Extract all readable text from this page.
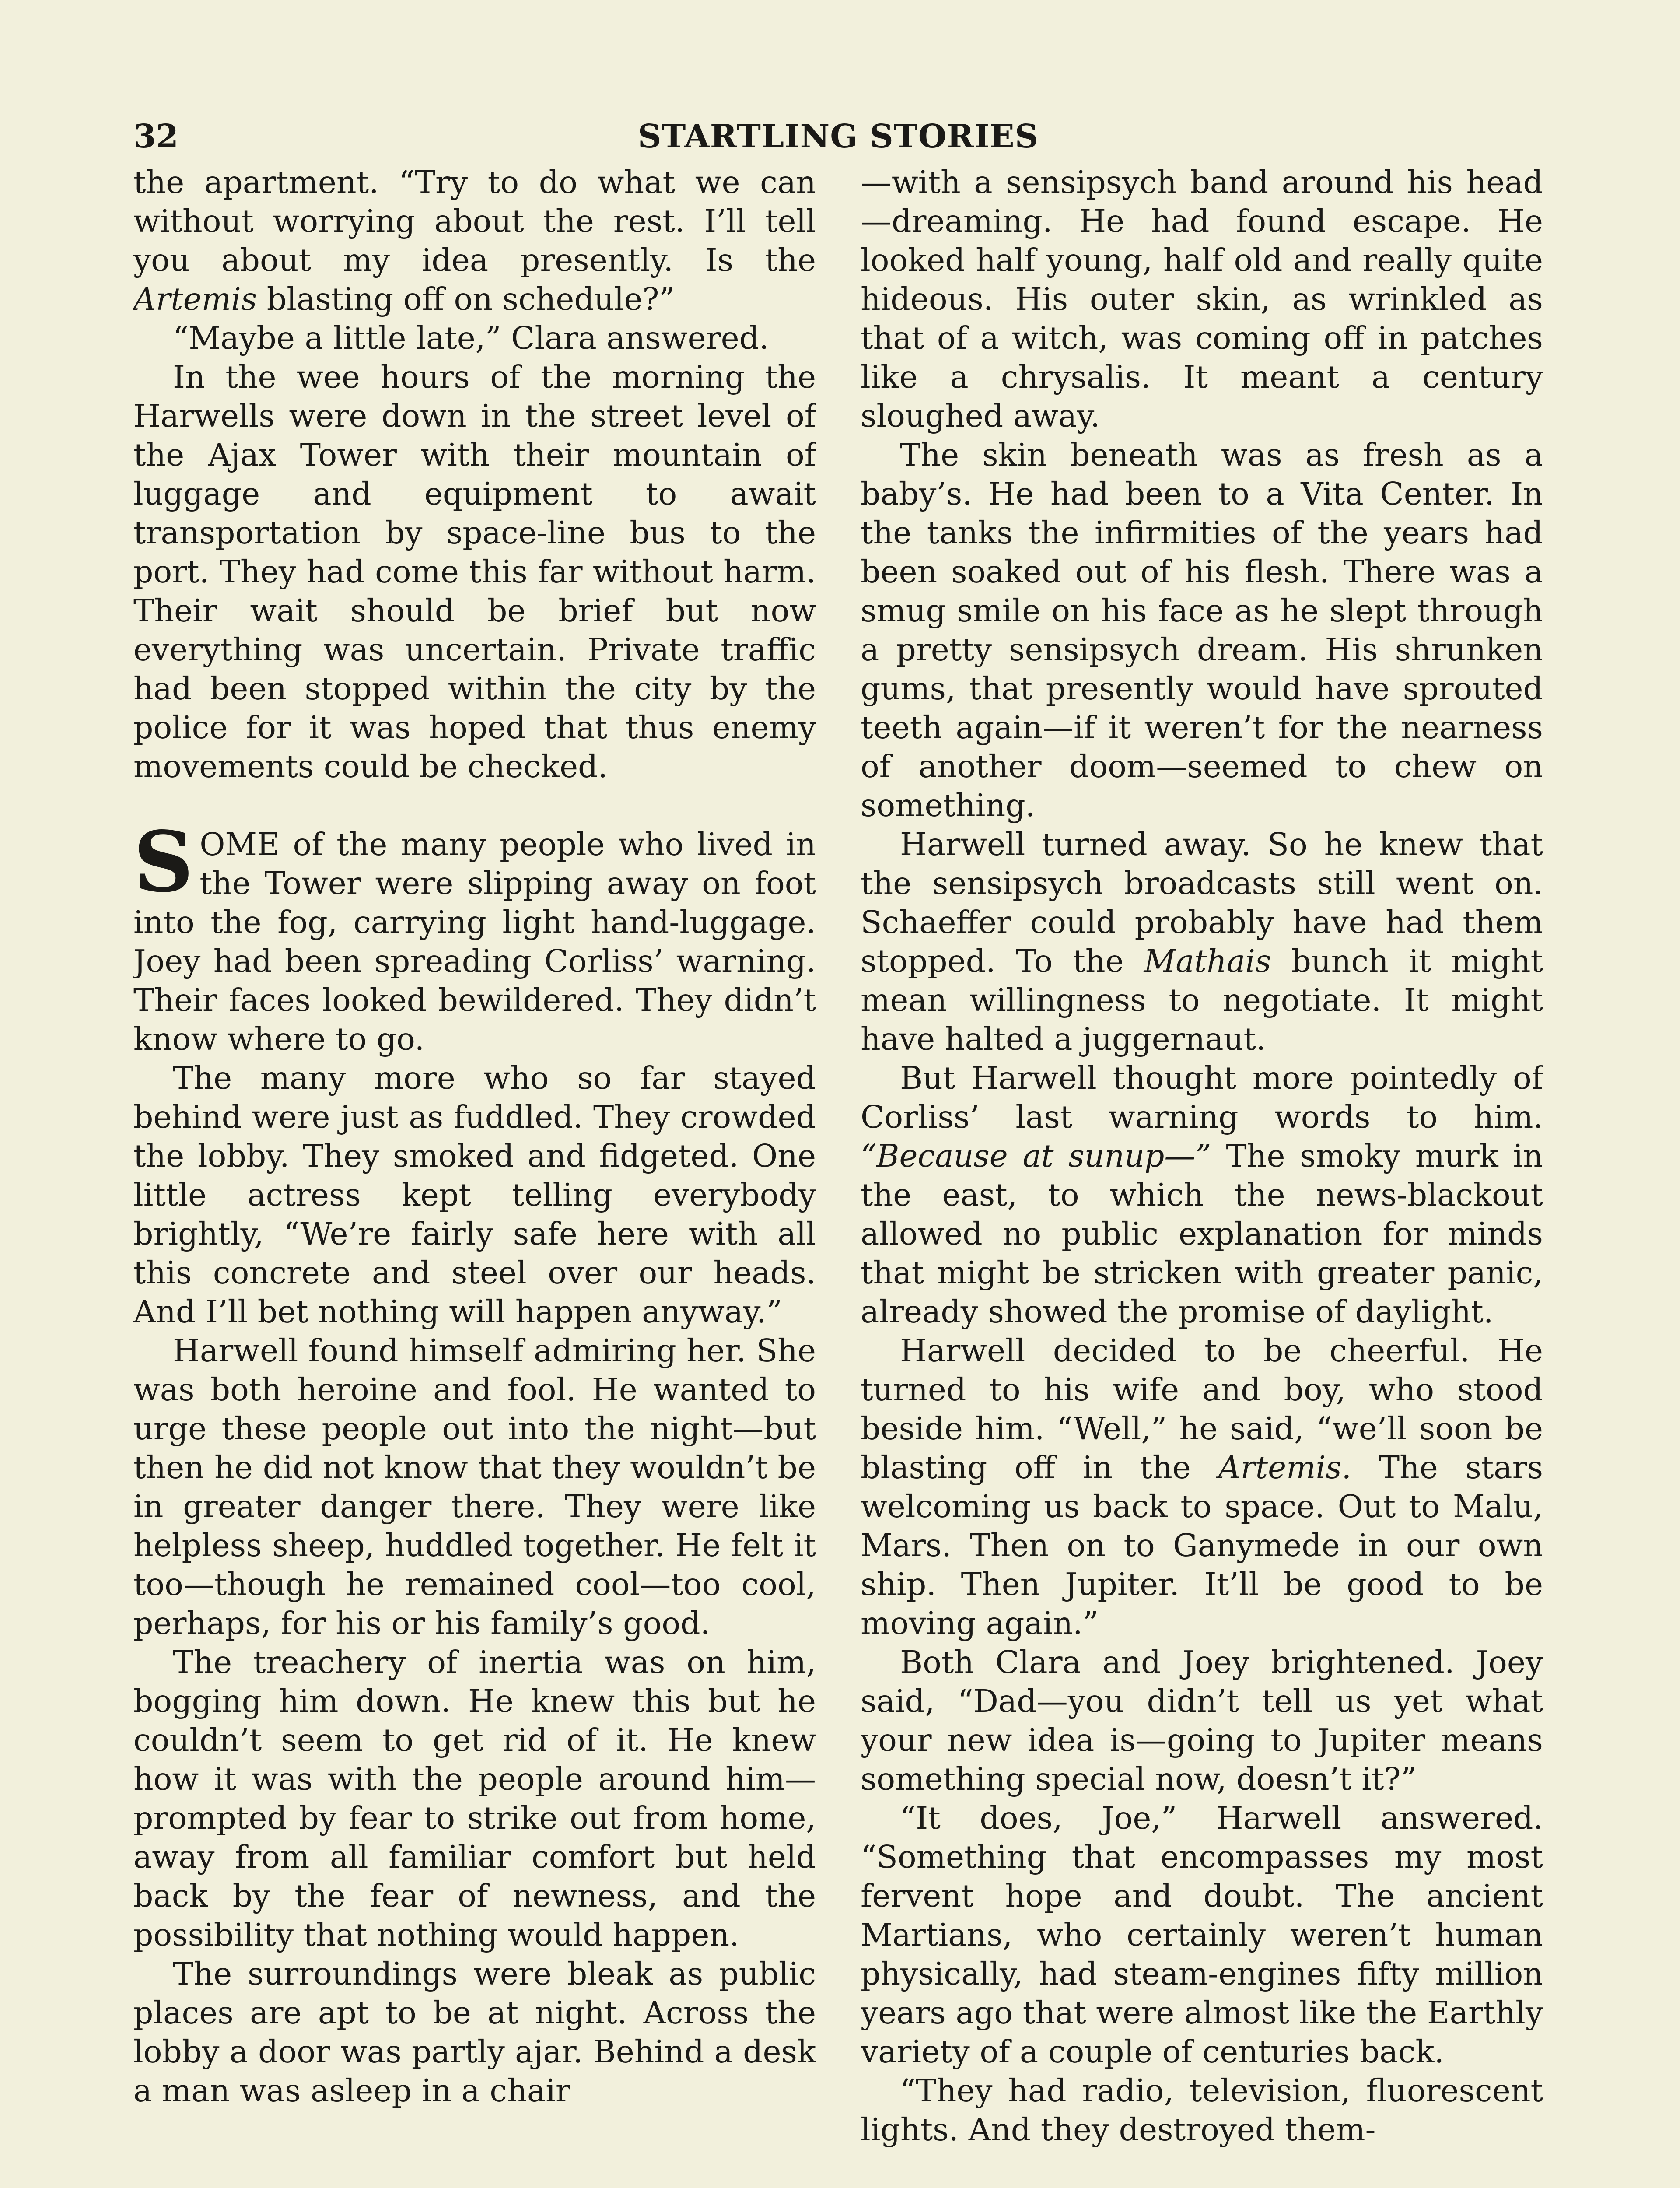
32	STARTLING STORIES

the apartment. “Try to do what we can without worrying about the rest. I’ll tell you about my idea presently. Is the Artemis blasting off on schedule?”

“Maybe a little late,” Clara answered.

In the wee hours of the morning the Harwells were down in the street level of the Ajax Tower with their mountain of luggage and equipment to await transportation by space-line bus to the port. They had come this far without harm. Their wait should be brief but now everything was uncertain. Private traffic had been stopped within the city by the police for it was hoped that thus enemy movements could be checked.

SOME of the many people who lived in the Tower were slipping away on foot into the fog, carrying light hand-luggage. Joey had been spreading Corliss’ warning. Their faces looked bewildered. They didn’t know where to go.

The many more who so far stayed behind were just as fuddled. They crowded the lobby. They smoked and fidgeted. One little actress kept telling everybody brightly, “We’re fairly safe here with all this concrete and steel over our heads. And I’ll bet nothing will happen anyway.”

Harwell found himself admiring her. She was both heroine and fool. He wanted to urge these people out into the night—but then he did not know that they wouldn’t be in greater danger there. They were like helpless sheep, huddled together. He felt it too—though he remained cool—too cool, perhaps, for his or his family’s good.

The treachery of inertia was on him, bogging him down. He knew this but he couldn’t seem to get rid of it. He knew how it was with the people around him—prompted by fear to strike out from home, away from all familiar comfort but held back by the fear of newness, and the possibility that nothing would happen.

The surroundings were bleak as public places are apt to be at night. Across the lobby a door was partly ajar. Behind a desk a man was asleep in a chair

—with a sensipsych band around his head—dreaming. He had found escape. He looked half young, half old and really quite hideous. His outer skin, as wrinkled as that of a witch, was coming off in patches like a chrysalis. It meant a century sloughed away.

The skin beneath was as fresh as a baby’s. He had been to a Vita Center. In the tanks the infirmities of the years had been soaked out of his flesh. There was a smug smile on his face as he slept through a pretty sensipsych dream. His shrunken gums, that presently would have sprouted teeth again—if it weren’t for the nearness of another doom—seemed to chew on something.

Harwell turned away. So he knew that the sensipsych broadcasts still went on. Schaeffer could probably have had them stopped. To the Mathais bunch it might mean willingness to negotiate. It might have halted a juggernaut.

But Harwell thought more pointedly of Corliss’ last warning words to him. “Because at sunup—” The smoky murk in the east, to which the news-blackout allowed no public explanation for minds that might be stricken with greater panic, already showed the promise of daylight.

Harwell decided to be cheerful. He turned to his wife and boy, who stood beside him. “Well,” he said, “we’ll soon be blasting off in the Artemis. The stars welcoming us back to space. Out to Malu, Mars. Then on to Ganymede in our own ship. Then Jupiter. It’ll be good to be moving again.”

Both Clara and Joey brightened. Joey said, “Dad—you didn’t tell us yet what your new idea is—going to Jupiter means something special now, doesn’t it?”

“It does, Joe,” Harwell answered. “Something that encompasses my most fervent hope and doubt. The ancient Martians, who certainly weren’t human physically, had steam-engines fifty million years ago that were almost like the Earthly variety of a couple of centuries back.

“They had radio, television, fluorescent lights. And they destroyed them-
